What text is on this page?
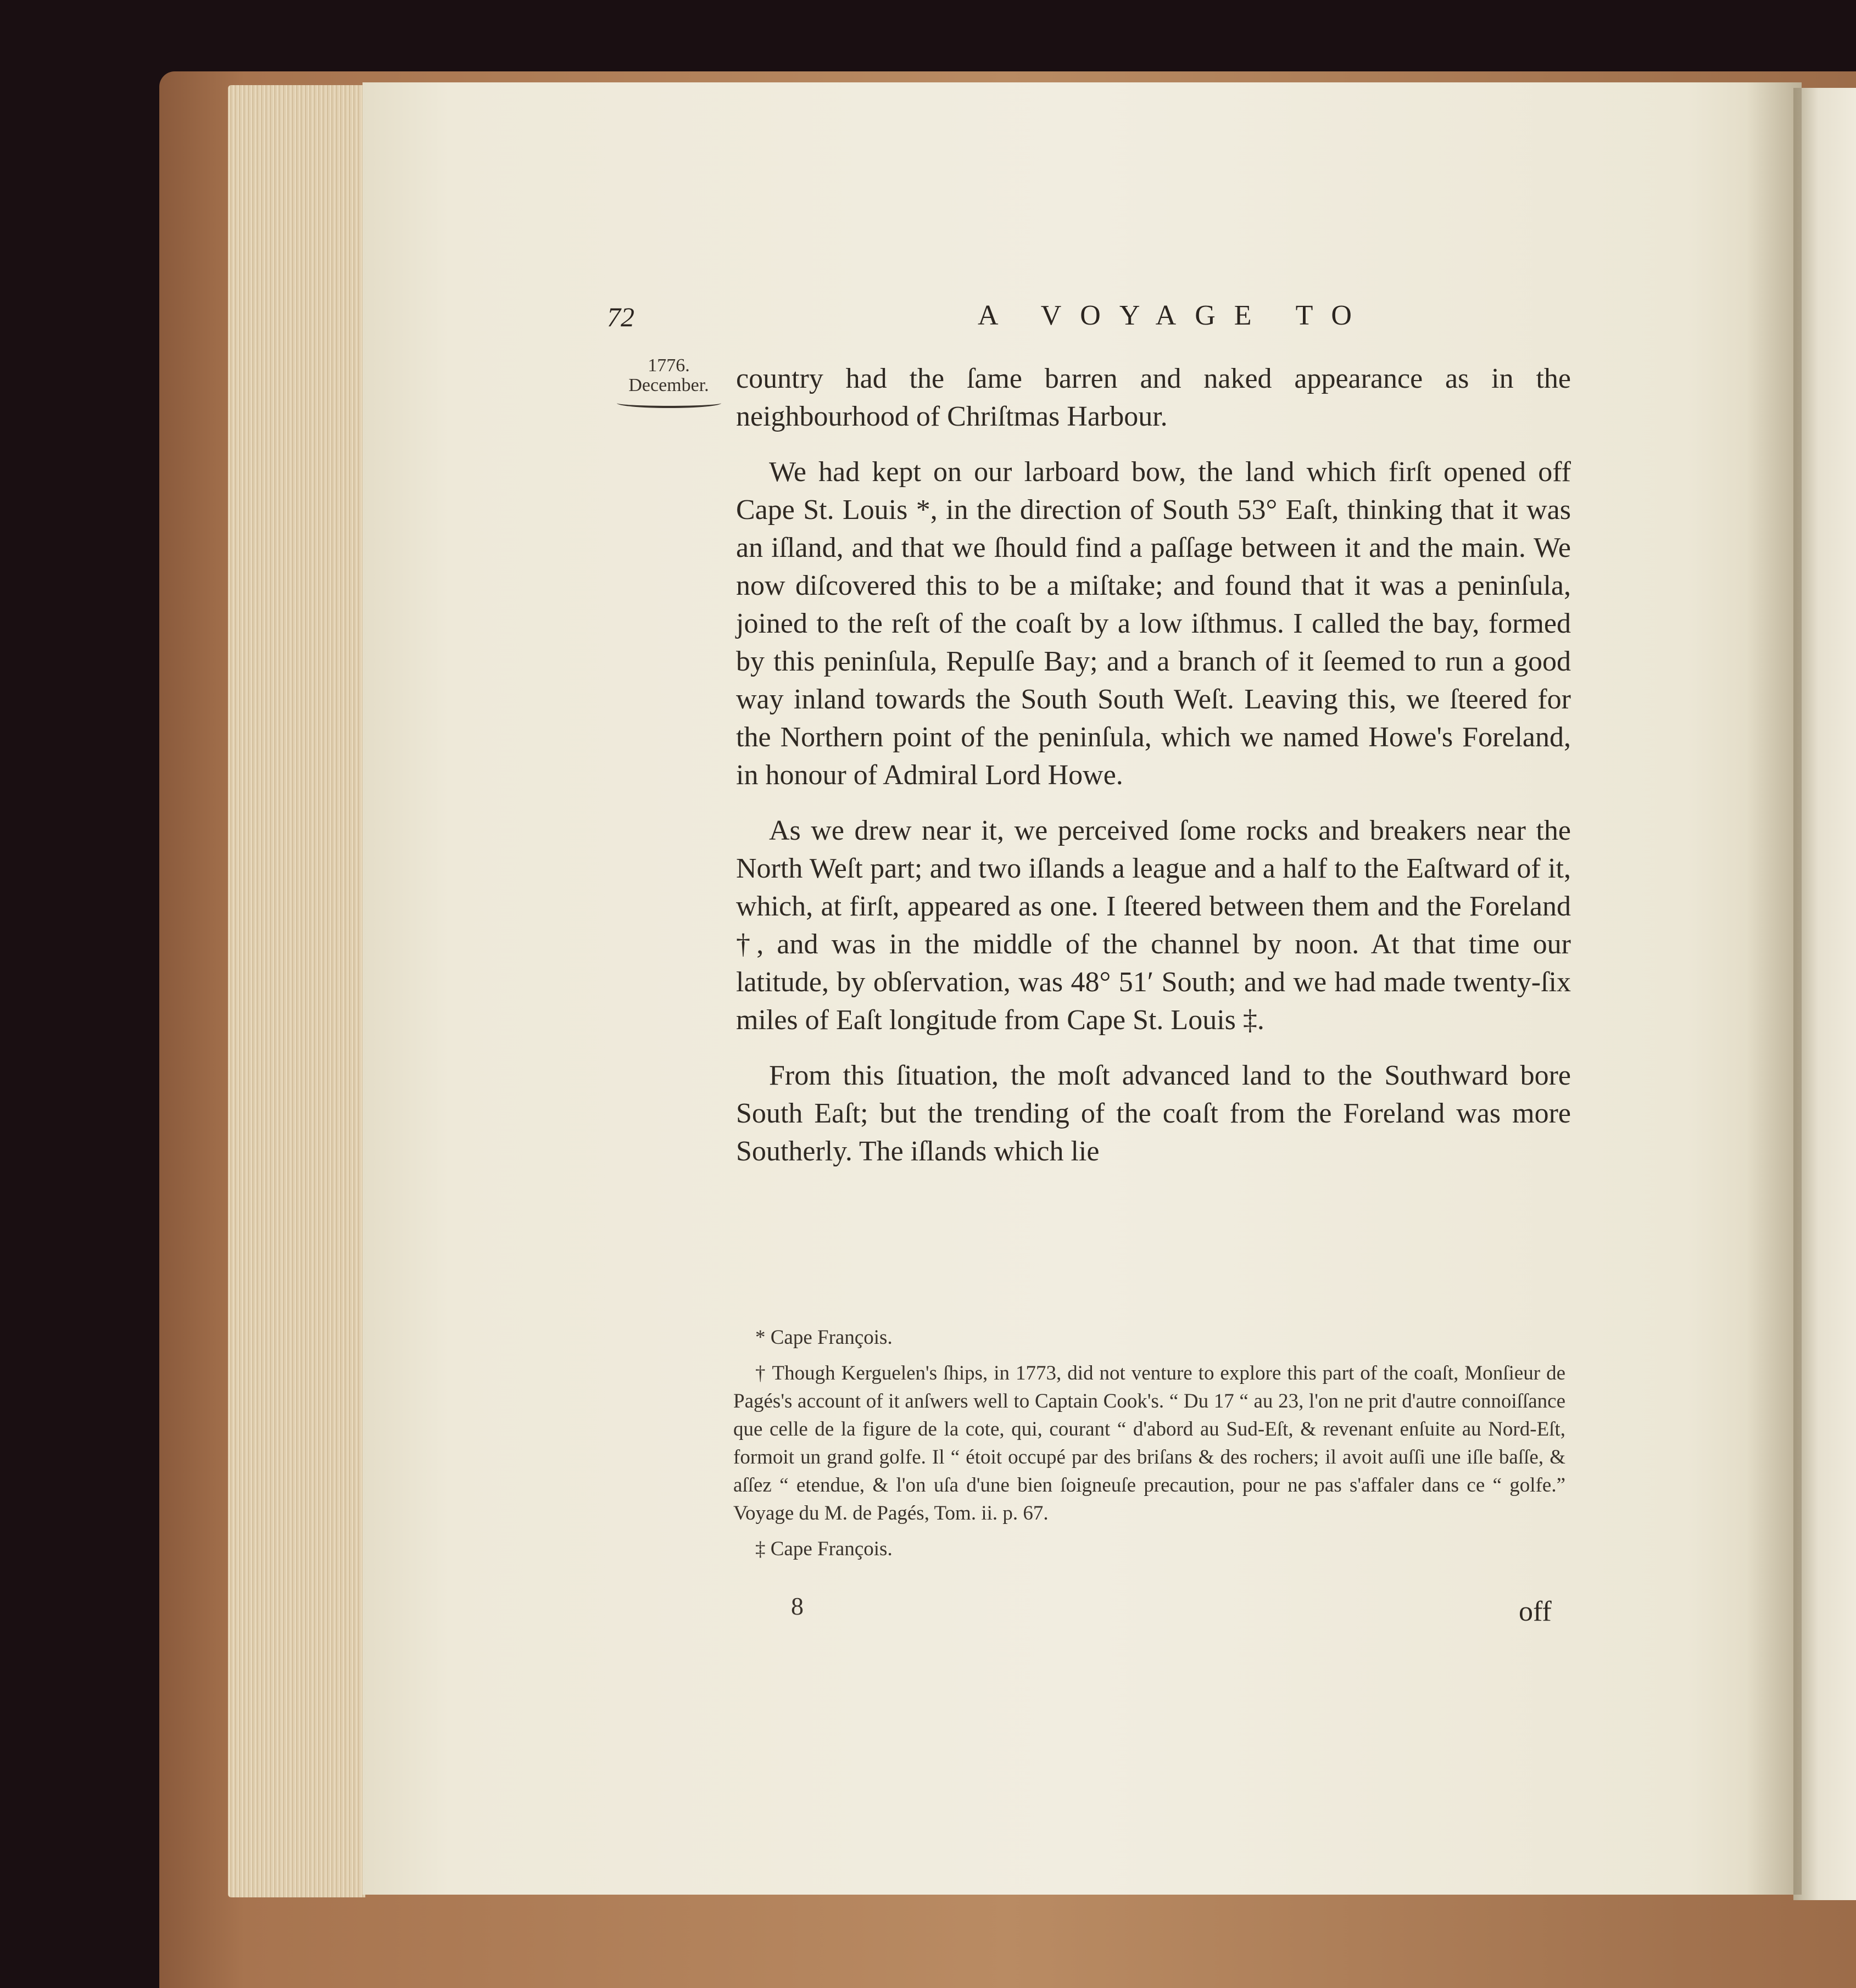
72	A VOYAGE TO
1776.
December. country had the ſame barren and naked appearance as in the neighbourhood of Chriſtmas Harbour.

We had kept on our larboard bow, the land which firſt opened off Cape St. Louis *, in the direction of South 53° Eaſt, thinking that it was an iſland, and that we ſhould find a paſſage between it and the main. We now diſcovered this to be a miſtake; and found that it was a peninſula, joined to the reſt of the coaſt by a low iſthmus. I called the bay, formed by this peninſula, Repulſe Bay; and a branch of it ſeemed to run a good way inland towards the South South Weſt. Leaving this, we ſteered for the Northern point of the peninſula, which we named Howe's Foreland, in honour of Admiral Lord Howe.

As we drew near it, we perceived ſome rocks and breakers near the North Weſt part; and two iſlands a league and a half to the Eaſtward of it, which, at firſt, appeared as one. I ſteered between them and the Foreland †, and was in the middle of the channel by noon. At that time our latitude, by obſervation, was 48° 51′ South; and we had made twenty-ſix miles of Eaſt longitude from Cape St. Louis ‡.

From this ſituation, the moſt advanced land to the Southward bore South Eaſt; but the trending of the coaſt from the Foreland was more Southerly. The iſlands which lie

* Cape François.

† Though Kerguelen's ſhips, in 1773, did not venture to explore this part of the coaſt, Monſieur de Pagés's account of it anſwers well to Captain Cook's. “ Du 17 “ au 23, l'on ne prit d'autre connoiſſance que celle de la figure de la cote, qui, courant “ d'abord au Sud-Eſt, & revenant enſuite au Nord-Eſt, formoit un grand golfe. Il “ étoit occupé par des briſans & des rochers; il avoit auſſi une iſle baſſe, & aſſez “ etendue, & l'on uſa d'une bien ſoigneuſe precaution, pour ne pas s'affaler dans ce “ golfe.” Voyage du M. de Pagés, Tom. ii. p. 67.

‡ Cape François.

8	off
